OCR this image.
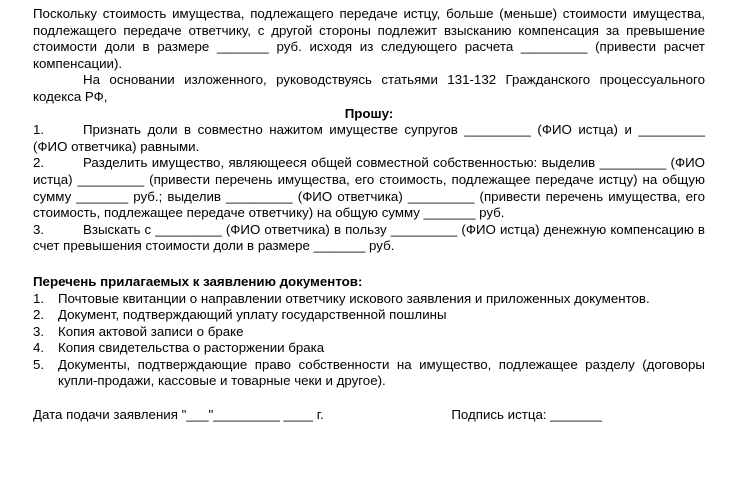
Поскольку стоимость имущества, подлежащего передаче истцу, больше (меньше) стоимости имущества, подлежащего передаче ответчику, с другой стороны подлежит взысканию компенсация за превышение стоимости доли в размере _______ руб. исходя из следующего расчета _________ (привести расчет компенсации).

На основании изложенного, руководствуясь статьями 131-132 Гражданского процессуального кодекса РФ,

Прошу:

1.	Признать доли в совместно нажитом имуществе супругов _________ (ФИО истца) и _________ (ФИО ответчика) равными.
2.	Разделить имущество, являющееся общей совместной собственностью: выделив _________ (ФИО истца) _________ (привести перечень имущества, его стоимость, подлежащее передаче истцу) на общую сумму _______ руб.; выделив _________ (ФИО ответчика) _________ (привести перечень имущества, его стоимость, подлежащее передаче ответчику) на общую сумму _______ руб.
3.	Взыскать с _________ (ФИО ответчика) в пользу _________ (ФИО истца) денежную компенсацию в счет превышения стоимости доли в размере _______ руб.

Перечень прилагаемых к заявлению документов:

1.	Почтовые квитанции о направлении ответчику искового заявления и приложенных документов.
2.	Документ, подтверждающий уплату государственной пошлины
3.	Копия актовой записи о браке
4.	Копия свидетельства о расторжении брака
5.	Документы, подтверждающие право собственности на имущество, подлежащее разделу (договоры купли-продажи, кассовые и товарные чеки и другое).
Дата подачи заявления "___"_________ ____ г.	Подпись истца: _______
